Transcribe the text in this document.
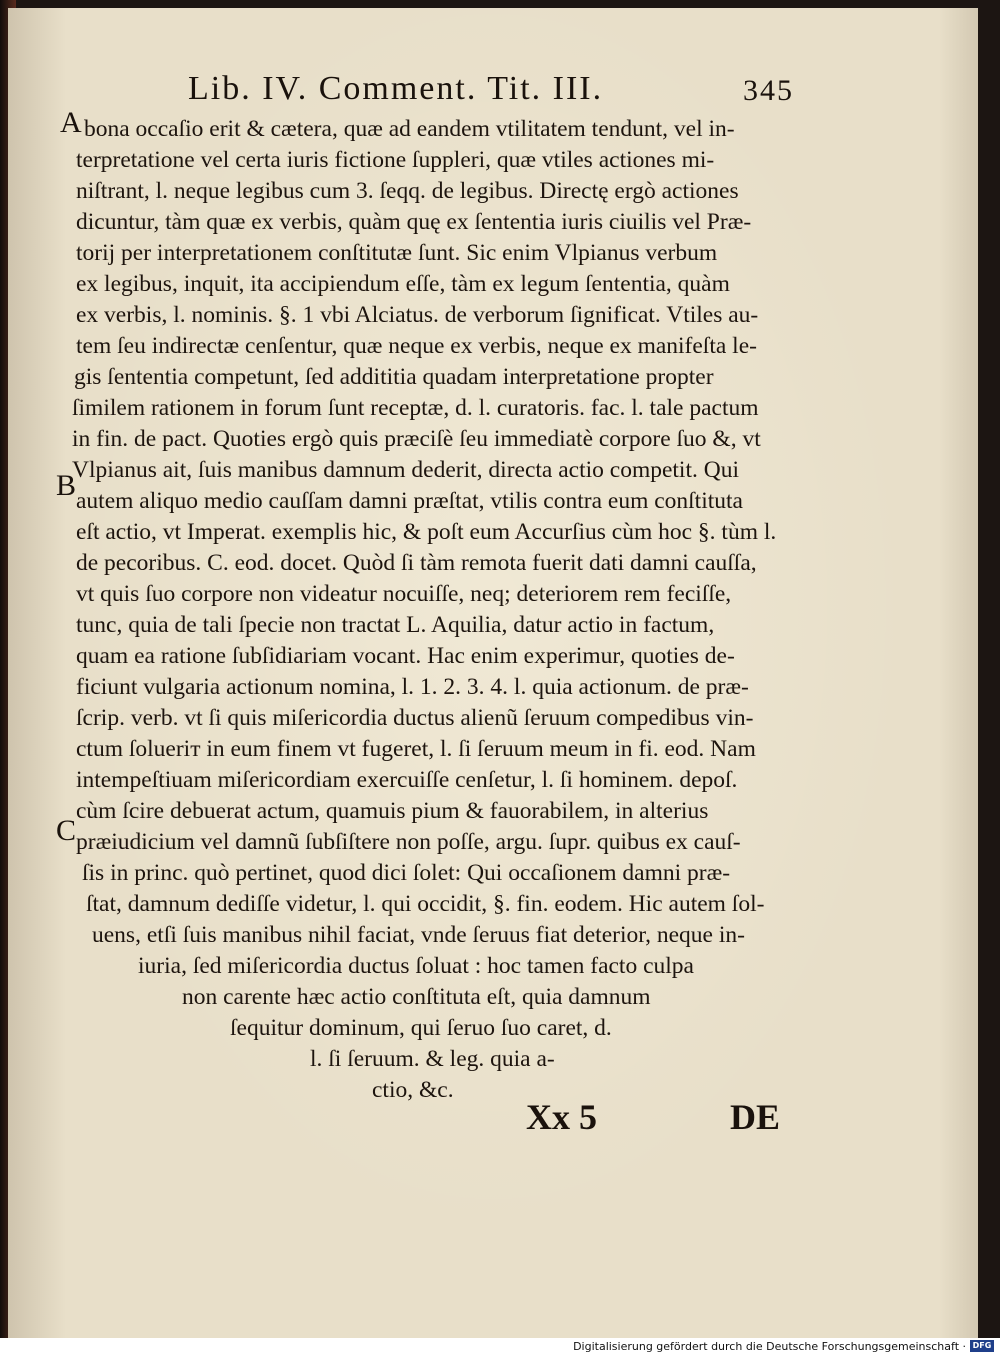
Lib. IV. Comment. Tit. III.	345
A
B
C
bona occaſio erit & cætera, quæ ad eandem vtilitatem tendunt, vel in-
terpretatione vel certa iuris fictione ſuppleri, quæ vtiles actiones mi-
niſtrant, l. neque legibus cum 3. ſeqq. de legibus. Directę ergò actiones
dicuntur, tàm quæ ex verbis, quàm quę ex ſententia iuris ciuilis vel Præ-
torij per interpretationem conſtitutæ ſunt. Sic enim Vlpianus verbum
ex legibus, inquit, ita accipiendum eſſe, tàm ex legum ſententia, quàm
ex verbis, l. nominis. §. 1 vbi Alciatus. de verborum ſignificat. Vtiles au-
tem ſeu indirectæ cenſentur, quæ neque ex verbis, neque ex manifeſta le-
gis ſententia competunt, ſed addititia quadam interpretatione propter
ſimilem rationem in forum ſunt receptæ, d. l. curatoris. fac. l. tale pactum
in fin. de pact. Quoties ergò quis præciſè ſeu immediatè corpore ſuo &, vt
Vlpianus ait, ſuis manibus damnum dederit, directa actio competit. Qui
autem aliquo medio cauſſam damni præſtat, vtilis contra eum conſtituta
eſt actio, vt Imperat. exemplis hic, & poſt eum Accurſius cùm hoc §. tùm l.
de pecoribus. C. eod. docet. Quòd ſi tàm remota fuerit dati damni cauſſa,
vt quis ſuo corpore non videatur nocuiſſe, neq; deteriorem rem feciſſe,
tunc, quia de tali ſpecie non tractat L. Aquilia, datur actio in factum,
quam ea ratione ſubſidiariam vocant. Hac enim experimur, quoties de-
ficiunt vulgaria actionum nomina, l. 1. 2. 3. 4. l. quia actionum. de præ-
ſcrip. verb. vt ſi quis miſericordia ductus alienũ ſeruum compedibus vin-
ctum ſolueriт in eum finem vt fugeret, l. ſi ſeruum meum in fi. eod. Nam
intempeſtiuam miſericordiam exercuiſſe cenſetur, l. ſi hominem. depoſ.
cùm ſcire debuerat actum, quamuis pium & fauorabilem, in alterius
præiudicium vel damnũ ſubſiſtere non poſſe, argu. ſupr. quibus ex cauſ-
ſis in princ. quò pertinet, quod dici ſolet: Qui occaſionem damni præ-
ſtat, damnum dediſſe videtur, l. qui occidit, §. fin. eodem. Hic autem ſol-
uens, etſi ſuis manibus nihil faciat, vnde ſeruus fiat deterior, neque in-
iuria, ſed miſericordia ductus ſoluat : hoc tamen facto culpa
non carente hæc actio conſtituta eſt, quia damnum
ſequitur dominum, qui ſeruo ſuo caret, d.
l. ſi ſeruum. & leg. quia a-
ctio, &c.
Xx 5	DE
Digitalisierung gefördert durch die Deutsche Forschungsgemeinschaft · DFG
